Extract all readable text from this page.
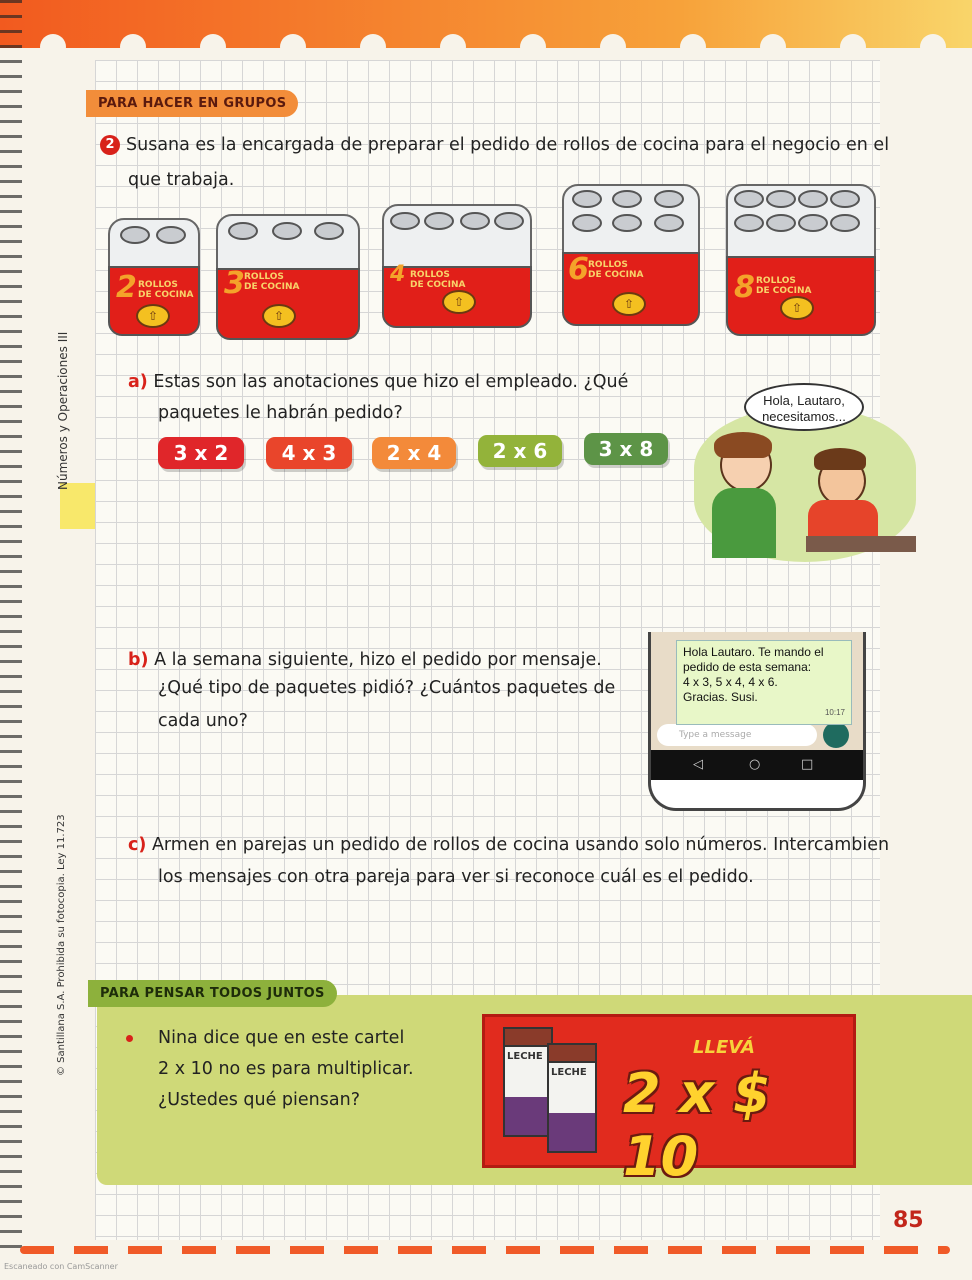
Números y Operaciones III
© Santillana S.A. Prohibida su fotocopia. Ley 11.723
PARA HACER EN GRUPOS
2 Susana es la encargada de preparar el pedido de rollos de cocina para el negocio en el
que trabaja.
2 ROLLOS
DE COCINA
⇧
3 ROLLOS
DE COCINA
⇧
4 ROLLOS
DE COCINA
⇧
6 ROLLOS
DE COCINA
⇧	8 ROLLOS
DE COCINA
⇧
a) Estas son las anotaciones que hizo el empleado. ¿Qué
paquetes le habrán pedido?
3 x 2	4 x 3	2 x 4	2 x 6	3 x 8
Hola, Lautaro,
necesitamos...
b) A la semana siguiente, hizo el pedido por mensaje.
¿Qué tipo de paquetes pidió? ¿Cuántos paquetes de
cada uno?
Type a message
◁	○	□
Hola Lautaro. Te mando el
pedido de esta semana:
4 x 3, 5 x 4, 4 x 6.
Gracias. Susi.
10:17
c) Armen en parejas un pedido de rollos de cocina usando solo números. Intercambien
los mensajes con otra pareja para ver si reconoce cuál es el pedido.
PARA PENSAR TODOS JUNTOS
Nina dice que en este cartel
2 x 10 no es para multiplicar.
¿Ustedes qué piensan?
LECHE
LECHE
LLEVÁ
2 x $ 10
85
Escaneado con CamScanner
